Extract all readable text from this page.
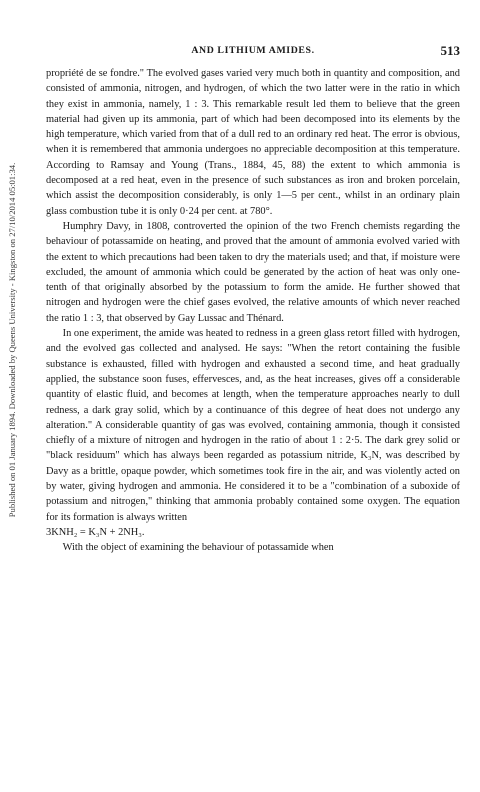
Published on 01 January 1894. Downloaded by Queens University - Kingston on 27/10/2014 05:01:34.
AND LITHIUM AMIDES.	513

propriété de se fondre." The evolved gases varied very much both in quantity and composition, and consisted of ammonia, nitrogen, and hydrogen, of which the two latter were in the ratio in which they exist in ammonia, namely, 1 : 3. This remarkable result led them to believe that the green material had given up its ammonia, part of which had been decomposed into its elements by the high temperature, which varied from that of a dull red to an ordinary red heat. The error is obvious, when it is remembered that ammonia undergoes no appreciable decomposition at this temperature. According to Ramsay and Young (Trans., 1884, 45, 88) the extent to which ammonia is decomposed at a red heat, even in the presence of such substances as iron and broken porcelain, which assist the decomposition considerably, is only 1—5 per cent., whilst in an ordinary plain glass combustion tube it is only 0·24 per cent. at 780°.

Humphry Davy, in 1808, controverted the opinion of the two French chemists regarding the behaviour of potassamide on heating, and proved that the amount of ammonia evolved varied with the extent to which precautions had been taken to dry the materials used; and that, if moisture were excluded, the amount of ammonia which could be generated by the action of heat was only one-tenth of that originally absorbed by the potassium to form the amide. He further showed that nitrogen and hydrogen were the chief gases evolved, the relative amounts of which never reached the ratio 1 : 3, that observed by Gay Lussac and Thénard.

In one experiment, the amide was heated to redness in a green glass retort filled with hydrogen, and the evolved gas collected and analysed. He says: "When the retort containing the fusible substance is exhausted, filled with hydrogen and exhausted a second time, and heat gradually applied, the substance soon fuses, effervesces, and, as the heat increases, gives off a considerable quantity of elastic fluid, and becomes at length, when the temperature approaches nearly to dull redness, a dark gray solid, which by a continuance of this degree of heat does not undergo any alteration." A considerable quantity of gas was evolved, containing ammonia, though it consisted chiefly of a mixture of nitrogen and hydrogen in the ratio of about 1 : 2·5. The dark grey solid or "black residuum" which has always been regarded as potassium nitride, K₃N, was described by Davy as a brittle, opaque powder, which sometimes took fire in the air, and was violently acted on by water, giving hydrogen and ammonia. He considered it to be a "combination of a suboxide of potassium and nitrogen," thinking that ammonia probably contained some oxygen. The equation for its formation is always written

3KNH₂ = K₃N + 2NH₃.

With the object of examining the behaviour of potassamide when
